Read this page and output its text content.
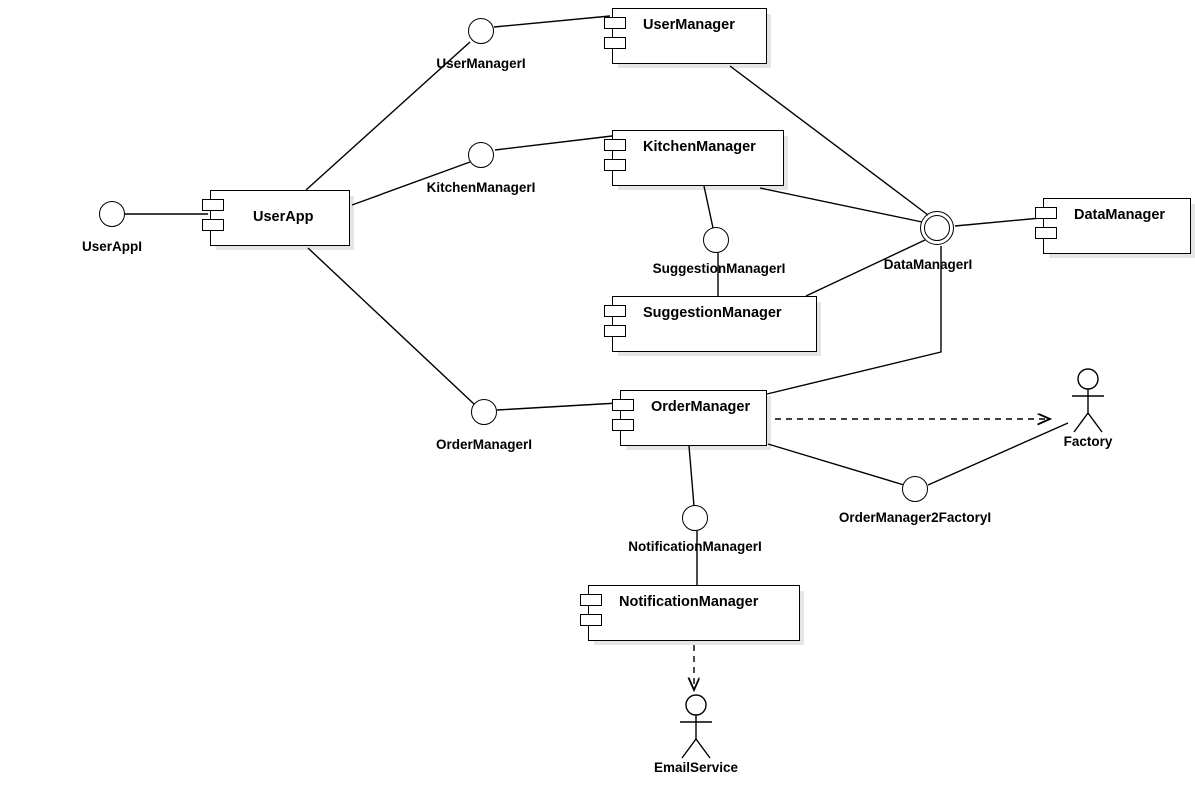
UserApp
UserManager
KitchenManager
SuggestionManager
DataManager
OrderManager
NotificationManager
UserAppI
UserManagerI
KitchenManagerI
SuggestionManagerI	DataManagerI
OrderManagerI
OrderManager2FactoryI
NotificationManagerI
Factory
EmailService
